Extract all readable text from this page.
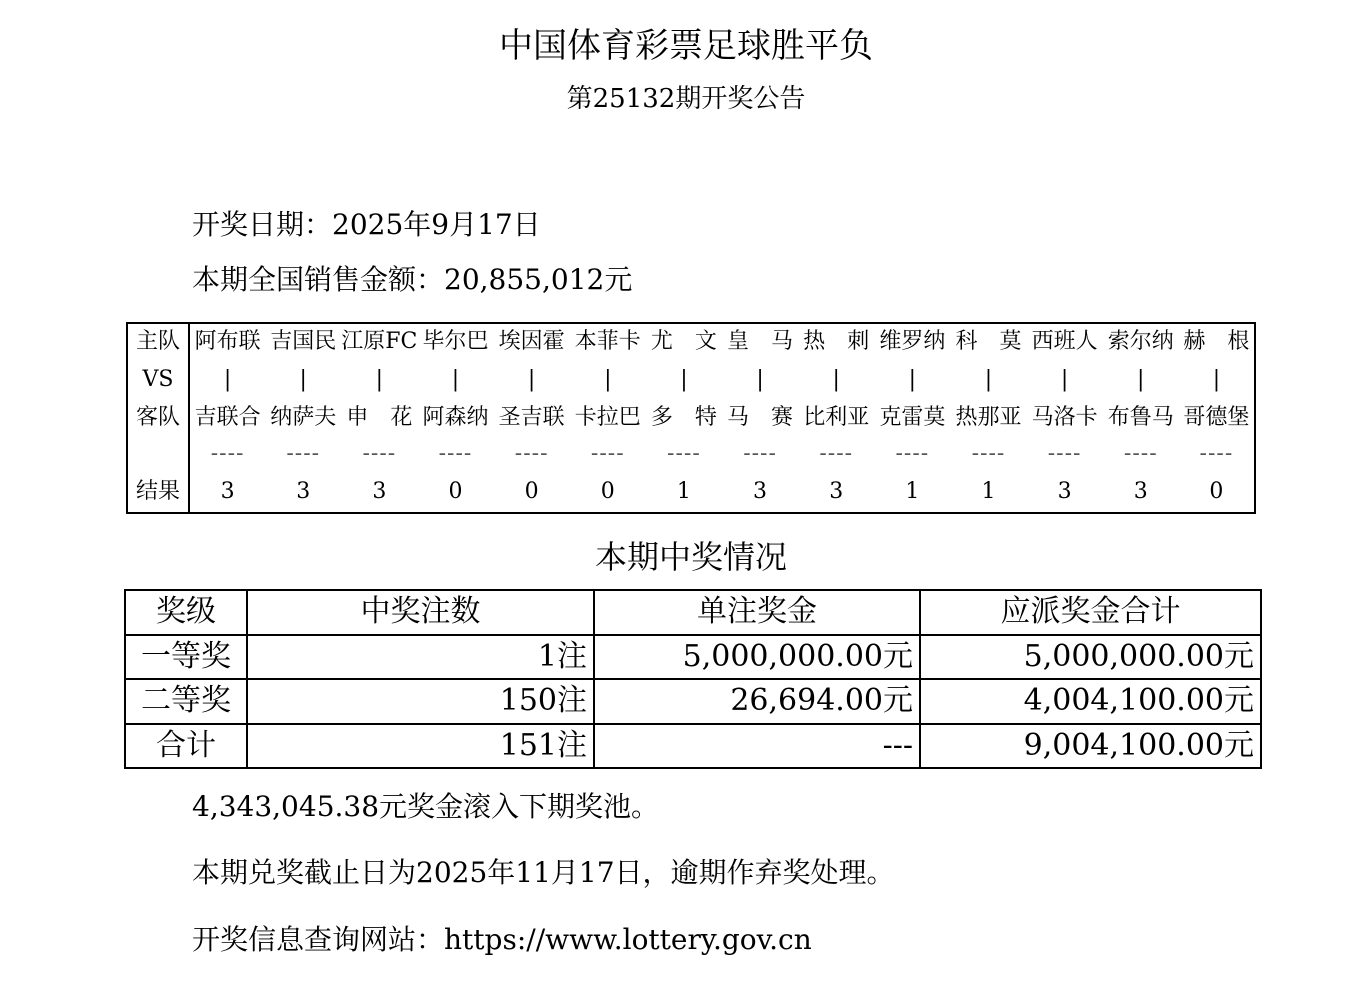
中国体育彩票足球胜平负
第25132期开奖公告
开奖日期：2025年9月17日
本期全国销售金额：20,855,012元
主队	阿布联	吉国民	江原FC	毕尔巴	埃因霍	本菲卡	尤　文	皇　马	热　刺	维罗纳	科　莫	西班人	索尔纳	赫　根
VS	|	|	|	|	|	|	|	|	|	|	|	|	|	|
客队	吉联合	纳萨夫	申　花	阿森纳	圣吉联	卡拉巴	多　特	马　赛	比利亚	克雷莫	热那亚	马洛卡	布鲁马	哥德堡
	----	----	----	----	----	----	----	----	----	----	----	----	----	----
结果	3	3	3	0	0	0	1	3	3	1	1	3	3	0
本期中奖情况
奖级	中奖注数	单注奖金	应派奖金合计
一等奖	1注	5,000,000.00元	5,000,000.00元
二等奖	150注	26,694.00元	4,004,100.00元
合计	151注	---	9,004,100.00元
4,343,045.38元奖金滚入下期奖池。
本期兑奖截止日为2025年11月17日，逾期作弃奖处理。
开奖信息查询网站：https://www.lottery.gov.cn
